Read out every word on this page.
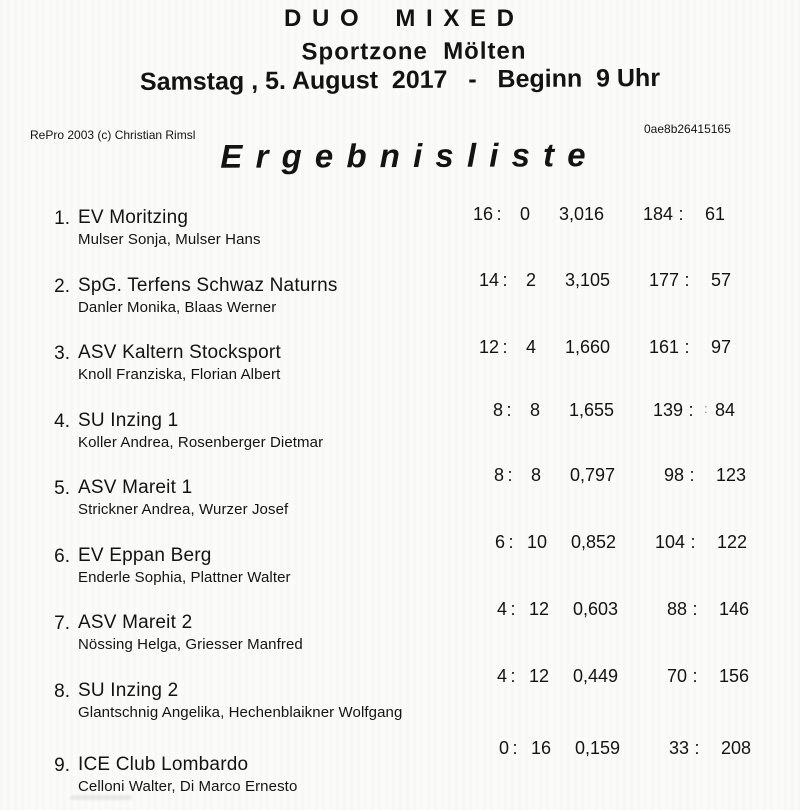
D U O    M I X E D
Sportzone  Mölten
Samstag , 5. August  2017   -   Beginn  9 Uhr
RePro 2003 (c) Christian Rimsl	0ae8b26415165
E r g e b n i s l i s t e
1. EV Moritzing
Mulser Sonja, Mulser Hans
16 :	0	3,016	184 :	61
2. SpG. Terfens Schwaz Naturns
Danler Monika, Blaas Werner
14 :	2	3,105	177 :	57
3. ASV Kaltern Stocksport
Knoll Franziska, Florian Albert
12 :	4	1,660	161 :	97
4. SU Inzing 1
Koller Andrea, Rosenberger Dietmar
8 :	8	1,655	139 :	84
5. ASV Mareit 1
Strickner Andrea, Wurzer Josef
8 :	8	0,797	98 :	123
6. EV Eppan Berg
Enderle Sophia, Plattner Walter
6 : 10	0,852	104 :	122
7. ASV Mareit 2
Nössing Helga, Griesser Manfred
4 : 12	0,603	88 :	146
8. SU Inzing 2
Glantschnig Angelika, Hechenblaikner Wolfgang
4 : 12	0,449	70 :	156
9. ICE Club Lombardo
Celloni Walter, Di Marco Ernesto
0 : 16	0,159	33 :	208
:
